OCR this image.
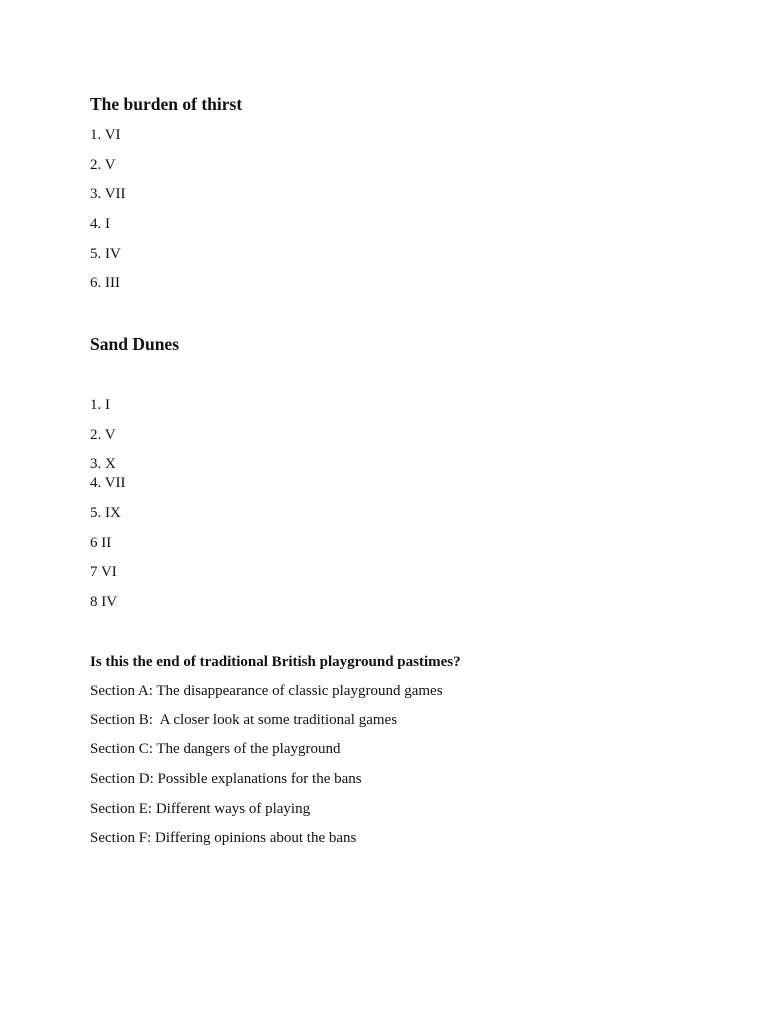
The burden of thirst
1. VI
2. V
3. VII
4. I
5. IV
6. III
Sand Dunes
1. I
2. V
3. X
4. VII
5. IX
6 II
7 VI
8 IV
Is this the end of traditional British playground pastimes?
Section A: The disappearance of classic playground games
Section B:  A closer look at some traditional games
Section C: The dangers of the playground
Section D: Possible explanations for the bans
Section E: Different ways of playing
Section F: Differing opinions about the bans
